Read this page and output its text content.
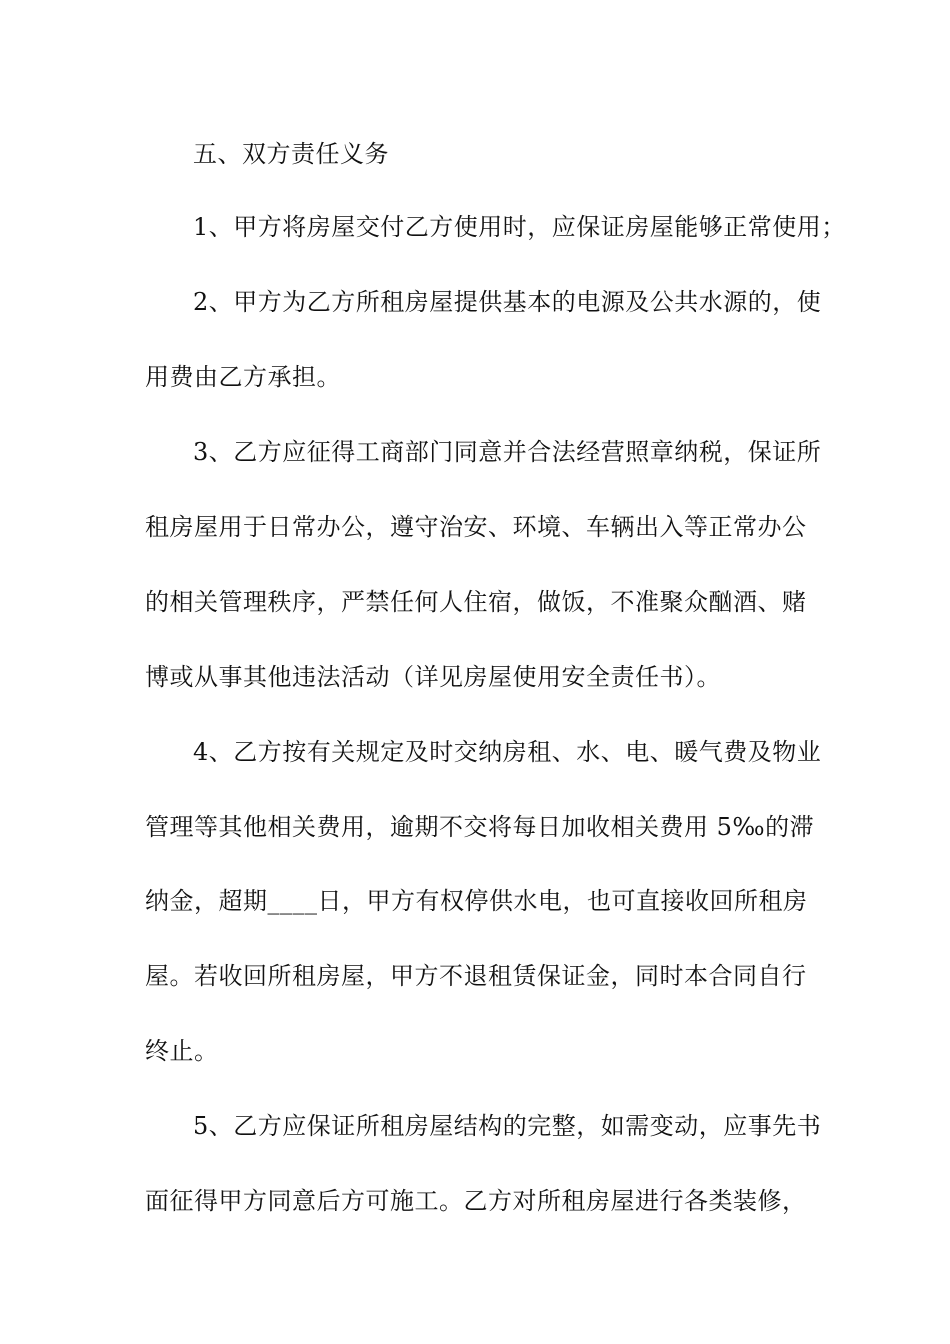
五、双方责任义务
1、甲方将房屋交付乙方使用时，应保证房屋能够正常使用；
2、甲方为乙方所租房屋提供基本的电源及公共水源的，使
用费由乙方承担。
3、乙方应征得工商部门同意并合法经营照章纳税，保证所
租房屋用于日常办公，遵守治安、环境、车辆出入等正常办公
的相关管理秩序，严禁任何人住宿，做饭，不准聚众酗酒、赌
博或从事其他违法活动（详见房屋使用安全责任书）。
4、乙方按有关规定及时交纳房租、水、电、暖气费及物业
管理等其他相关费用，逾期不交将每日加收相关费用 5‰的滞
纳金，超期____日，甲方有权停供水电，也可直接收回所租房
屋。若收回所租房屋，甲方不退租赁保证金，同时本合同自行
终止。
5、乙方应保证所租房屋结构的完整，如需变动，应事先书
面征得甲方同意后方可施工。乙方对所租房屋进行各类装修，
